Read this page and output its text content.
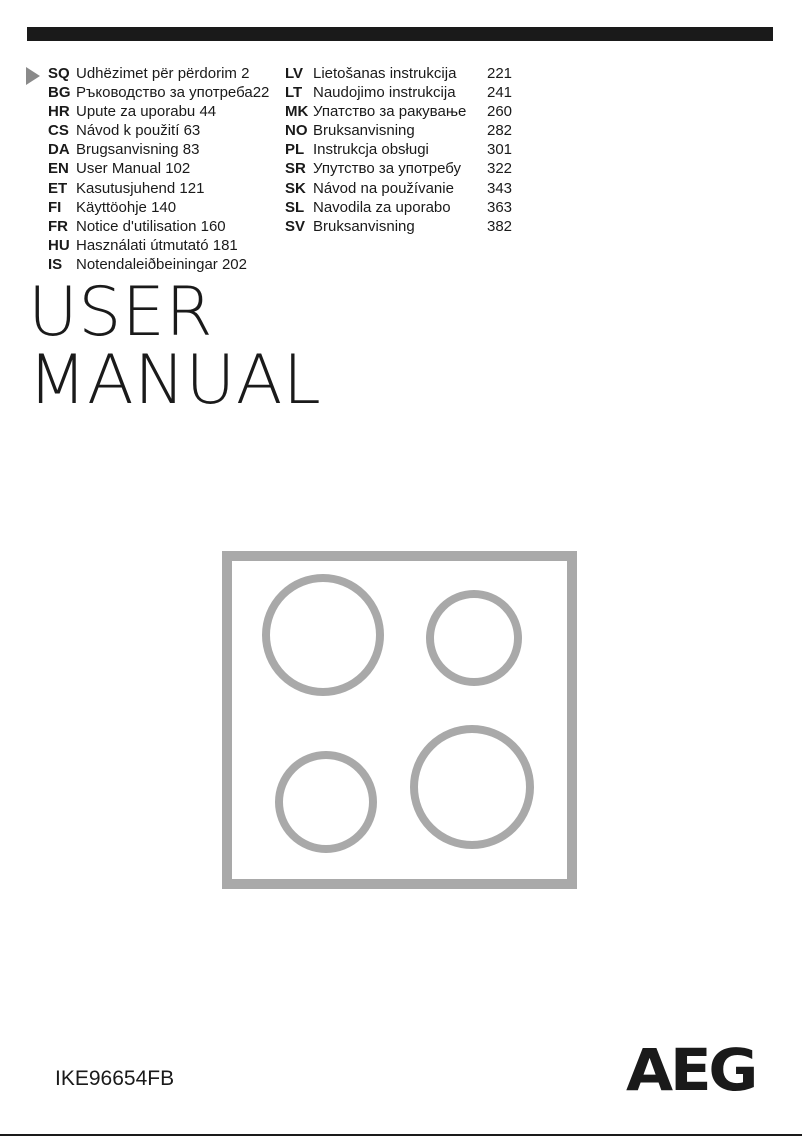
SQ Udhëzimet për përdorim 2
BG Ръководство за употреба22
HR Upute za uporabu 44
CS Návod k použití 63
DA Brugsanvisning 83
EN User Manual 102
ET Kasutusjuhend 121
FI Käyttöohje 140
FR Notice d'utilisation 160
HU Használati útmutató 181
IS Notendaleiðbeiningar 202
LV Lietošanas instrukcija 221
LT Naudojimo instrukcija 241
MK Упатство за ракување 260
NO Bruksanvisning	282
PL Instrukcja obsługi	301
SR Упутство за употребу 322
SK Návod na používanie 343
SL Navodila za uporabo 363
SV Bruksanvisning	382
USER
MANUAL
IKE96654FB	AEG
